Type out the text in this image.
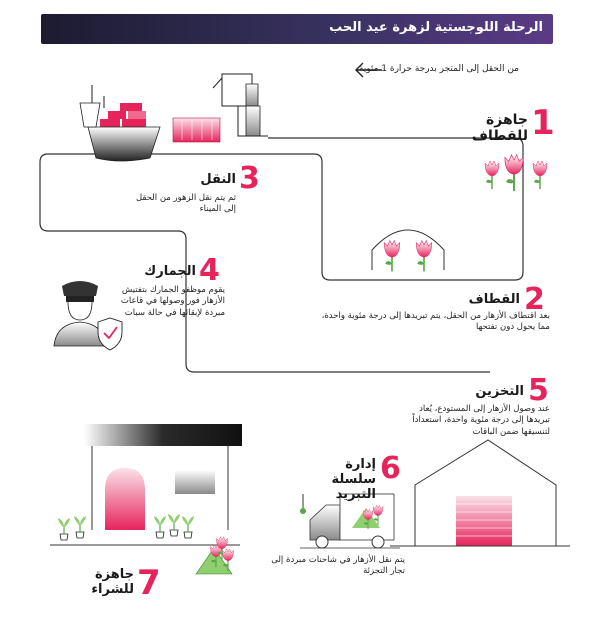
الرحلة اللوجستية لزهرة عيد الحب
من الحقل إلى المتجر بدرجة حرارة 1 مئوية
1
جاهزة للقطاف
2
القطاف
بعد اقتطاف الأزهار من الحقل، يتم تبريدها إلى درجة مئوية واحدة، مما يحول دون تفتحها
3
النقل
ثم يتم نقل الزهور من الحقل إلى الميناء
4
الجمارك
يقوم موظفو الجمارك بتفتيش الأزهار فور وصولها في قاعات مبردة لإبقائها في حالة سبات
5
التخزين
عند وصول الأزهار إلى المستودع، يُعاد تبريدها إلى درجة مئوية واحدة، استعداداً لتنسيقها ضمن الباقات
6
إدارة سلسلة التبريد
يتم نقل الأزهار في شاحنات مبردة إلى تجار التجزئة
7
جاهزة للشراء
